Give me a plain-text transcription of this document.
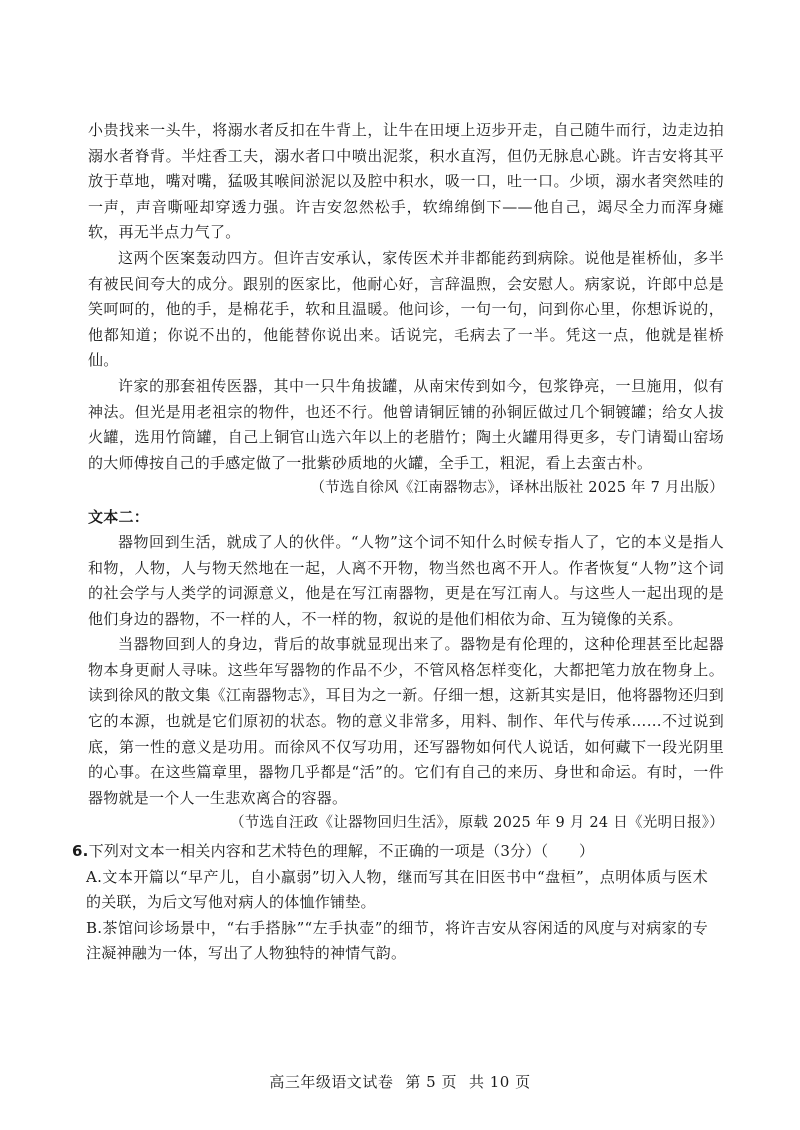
小贵找来一头牛，将溺水者反扣在牛背上，让牛在田埂上迈步开走，自己随牛而行，边走边拍溺水者脊背。半炷香工夫，溺水者口中喷出泥浆，积水直泻，但仍无脉息心跳。许吉安将其平放于草地，嘴对嘴，猛吸其喉间淤泥以及腔中积水，吸一口，吐一口。少顷，溺水者突然哇的一声，声音嘶哑却穿透力强。许吉安忽然松手，软绵绵倒下——他自己，竭尽全力而浑身瘫软，再无半点力气了。

这两个医案轰动四方。但许吉安承认，家传医术并非都能药到病除。说他是崔桥仙，多半有被民间夸大的成分。跟别的医家比，他耐心好，言辞温煦，会安慰人。病家说，许郎中总是笑呵呵的，他的手，是棉花手，软和且温暖。他问诊，一句一句，问到你心里，你想诉说的，他都知道；你说不出的，他能替你说出来。话说完，毛病去了一半。凭这一点，他就是崔桥仙。

许家的那套祖传医器，其中一只牛角拔罐，从南宋传到如今，包浆铮亮，一旦施用，似有神法。但光是用老祖宗的物件，也还不行。他曾请铜匠铺的孙铜匠做过几个铜镀罐；给女人拔火罐，选用竹筒罐，自己上铜官山选六年以上的老腊竹；陶土火罐用得更多，专门请蜀山窑场的大师傅按自己的手感定做了一批紫砂质地的火罐，全手工，粗泥，看上去蛮古朴。

（节选自徐风《江南器物志》，译林出版社 2025 年 7 月出版）

文本二：

器物回到生活，就成了人的伙伴。“人物”这个词不知什么时候专指人了，它的本义是指人和物，人物，人与物天然地在一起，人离不开物，物当然也离不开人。作者恢复“人物”这个词的社会学与人类学的词源意义，他是在写江南器物，更是在写江南人。与这些人一起出现的是他们身边的器物，不一样的人，不一样的物，叙说的是他们相依为命、互为镜像的关系。

当器物回到人的身边，背后的故事就显现出来了。器物是有伦理的，这种伦理甚至比起器物本身更耐人寻味。这些年写器物的作品不少，不管风格怎样变化，大都把笔力放在物身上。读到徐风的散文集《江南器物志》，耳目为之一新。仔细一想，这新其实是旧，他将器物还归到它的本源，也就是它们原初的状态。物的意义非常多，用料、制作、年代与传承……不过说到底，第一性的意义是功用。而徐风不仅写功用，还写器物如何代人说话，如何藏下一段光阴里的心事。在这些篇章里，器物几乎都是“活”的。它们有自己的来历、身世和命运。有时，一件器物就是一个人一生悲欢离合的容器。

（节选自汪政《让器物回归生活》，原载 2025 年 9 月 24 日《光明日报》）

6.下列对文本一相关内容和艺术特色的理解，不正确的一项是（3分）（　　）

A.文本开篇以“早产儿，自小羸弱”切入人物，继而写其在旧医书中“盘桓”，点明体质与医术的关联，为后文写他对病人的体恤作铺垫。

B.茶馆问诊场景中，“右手搭脉”“左手执壶”的细节，将许吉安从容闲适的风度与对病家的专注凝神融为一体，写出了人物独特的神情气韵。

高三年级语文试卷 第 5 页 共 10 页
